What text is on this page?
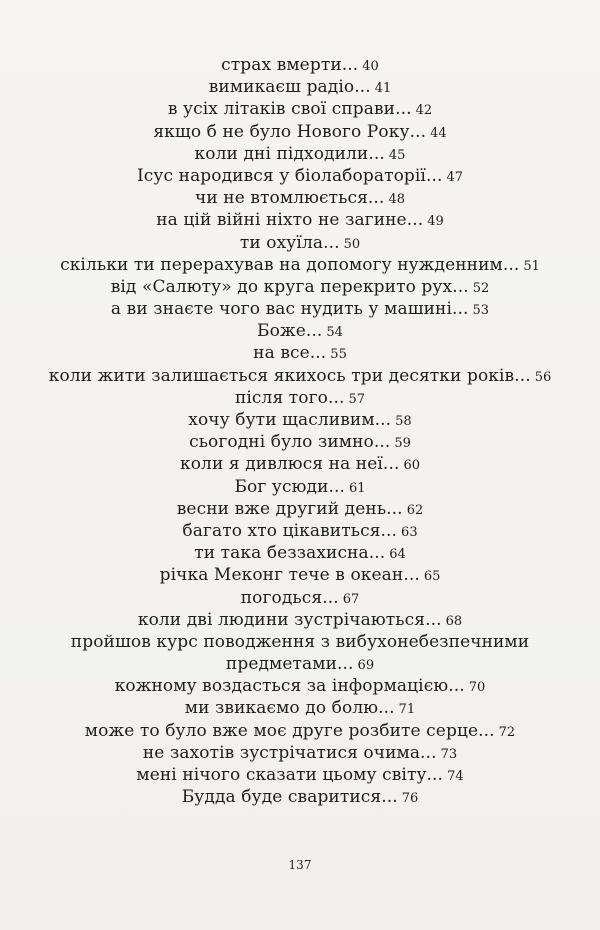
страх вмерти... 40
вимикаєш радіо... 41
в усіх літаків свої справи... 42
якщо б не було Нового Року... 44
коли дні підходили... 45
Ісус народився у біолабораторії... 47
чи не втомлюється... 48
на цій війні ніхто не загине... 49
ти охуїла... 50
скільки ти перерахував на допомогу нужденним... 51
від «Салюту» до круга перекрито рух... 52
а ви знаєте чого вас нудить у машині... 53
Боже... 54
на все... 55
коли жити залишається якихось три десятки років... 56
після того... 57
хочу бути щасливим... 58
сьогодні було зимно... 59
коли я дивлюся на неї... 60
Бог усюди... 61
весни вже другий день... 62
багато хто цікавиться... 63
ти така беззахисна... 64
річка Меконг тече в океан... 65
погодься... 67
коли дві людини зустрічаються... 68
пройшов курс поводження з вибухонебезпечними
предметами... 69
кожному воздасться за інформацією... 70
ми звикаємо до болю... 71
може то було вже моє друге розбите серце... 72
не захотів зустрічатися очима... 73
мені нічого сказати цьому світу... 74
Будда буде сваритися... 76
137
